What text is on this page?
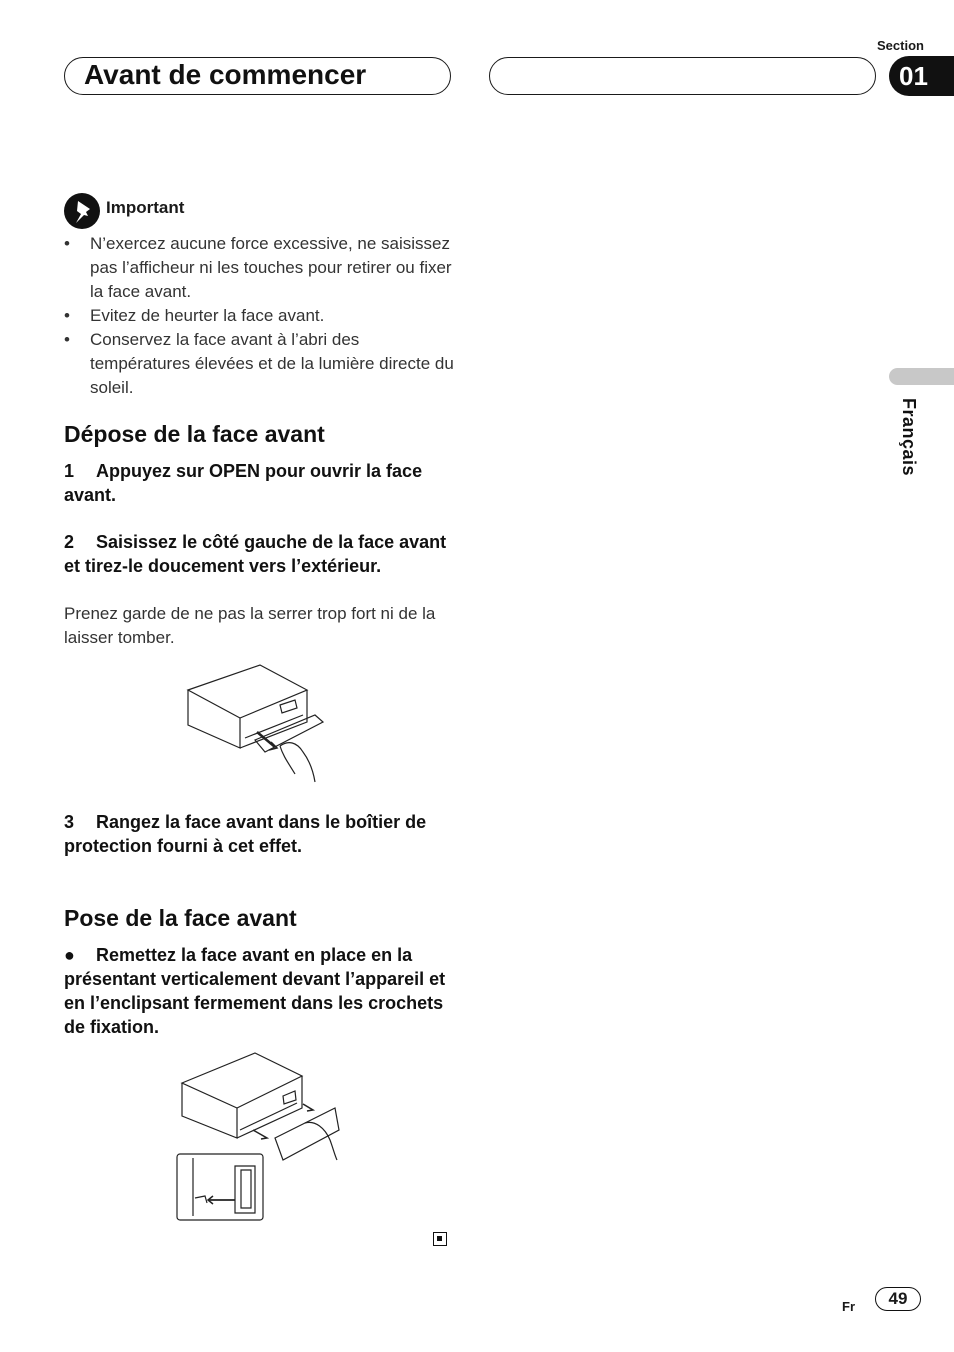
Avant de commencer
Section
01
Français
Important
• N’exercez aucune force excessive, ne saisissez pas l’afficheur ni les touches pour retirer ou fixer la face avant.
• Evitez de heurter la face avant.
• Conservez la face avant à l’abri des températures élevées et de la lumière directe du soleil.
Dépose de la face avant
1 Appuyez sur OPEN pour ouvrir la face avant.
2 Saisissez le côté gauche de la face avant et tirez-le doucement vers l’extérieur.
Prenez garde de ne pas la serrer trop fort ni de la laisser tomber.
3 Rangez la face avant dans le boîtier de protection fourni à cet effet.
Pose de la face avant
● Remettez la face avant en place en la présentant verticalement devant l’appareil et en l’enclipsant fermement dans les crochets de fixation.
Fr	49
